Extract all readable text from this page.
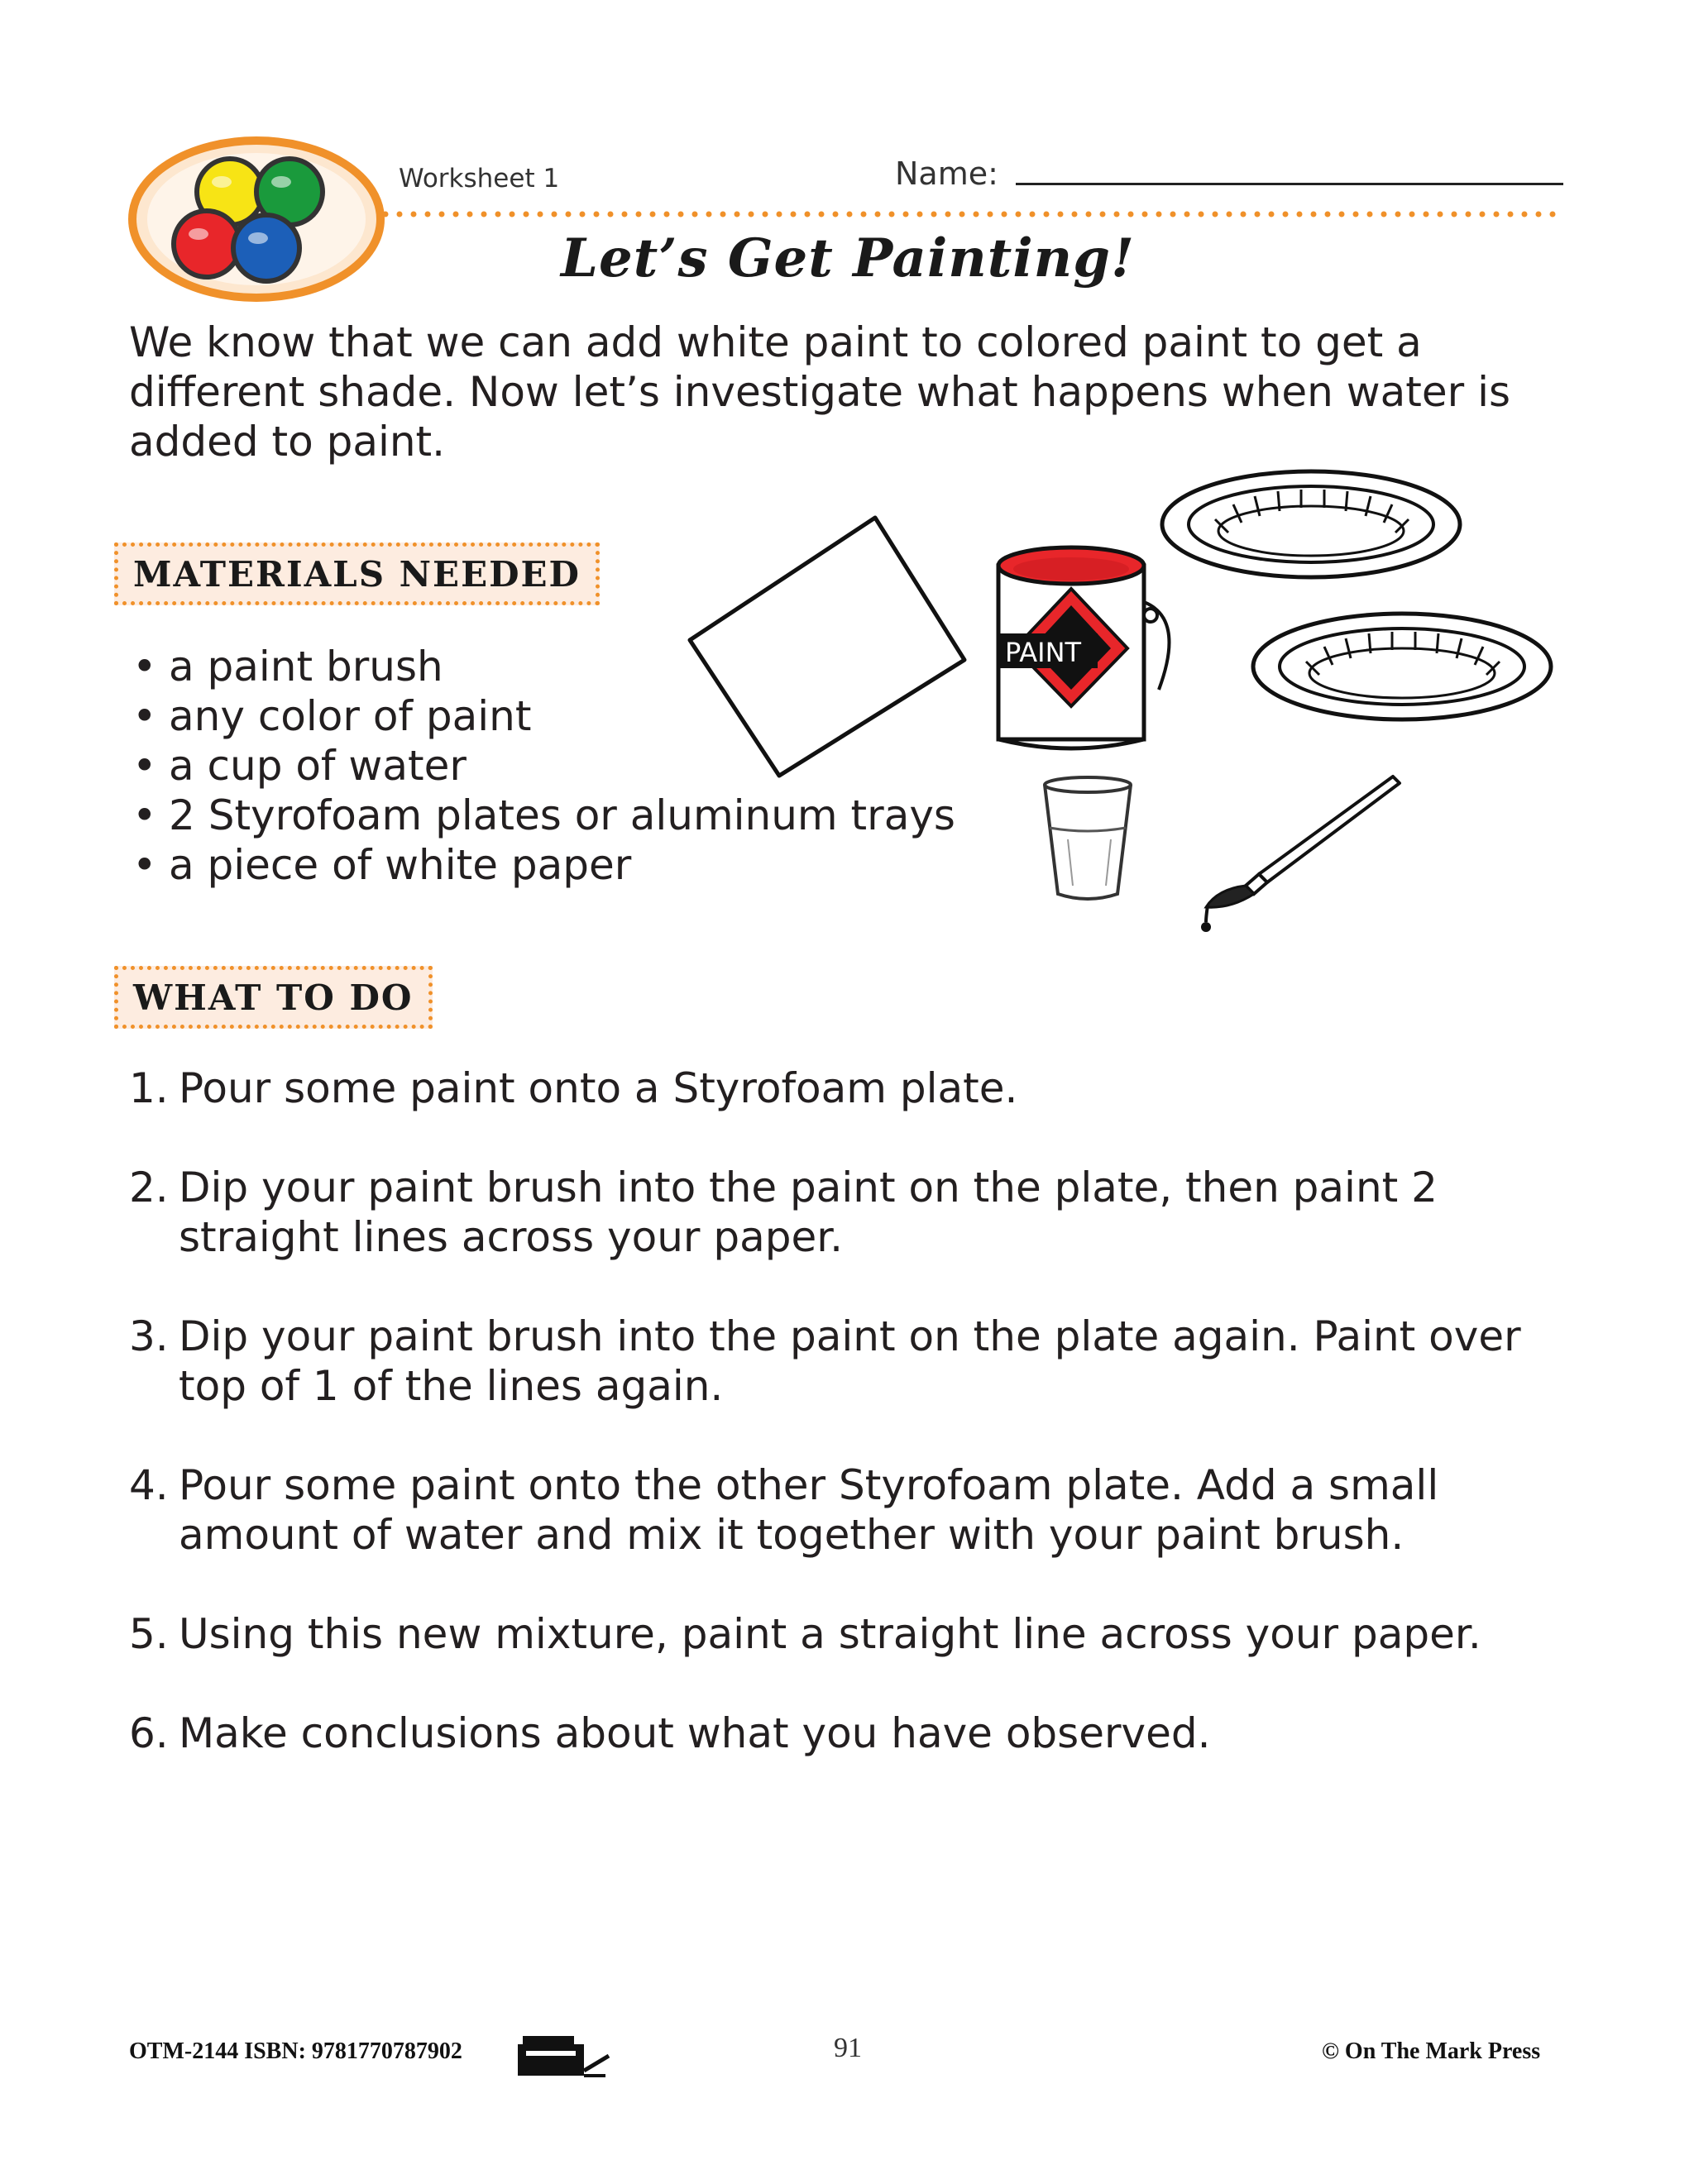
Worksheet 1	Name:
Let’s Get Painting!
We know that we can add white paint to colored paint to get a different shade. Now let’s investigate what happens when water is added to paint.
MATERIALS NEEDED
• a paint brush
• any color of paint
• a cup of water
• 2 Styrofoam plates or aluminum trays
• a piece of white paper
PAINT
WHAT TO DO
1. Pour some paint onto a Styrofoam plate.
2. Dip your paint brush into the paint on the plate, then paint 2 straight lines across your paper.
3. Dip your paint brush into the paint on the plate again. Paint over top of 1 of the lines again.
4. Pour some paint onto the other Styrofoam plate. Add a small amount of water and mix it together with your paint brush.
5. Using this new mixture, paint a straight line across your paper.
6. Make conclusions about what you have observed.
OTM-2144 ISBN: 9781770787902	91	© On The Mark Press
